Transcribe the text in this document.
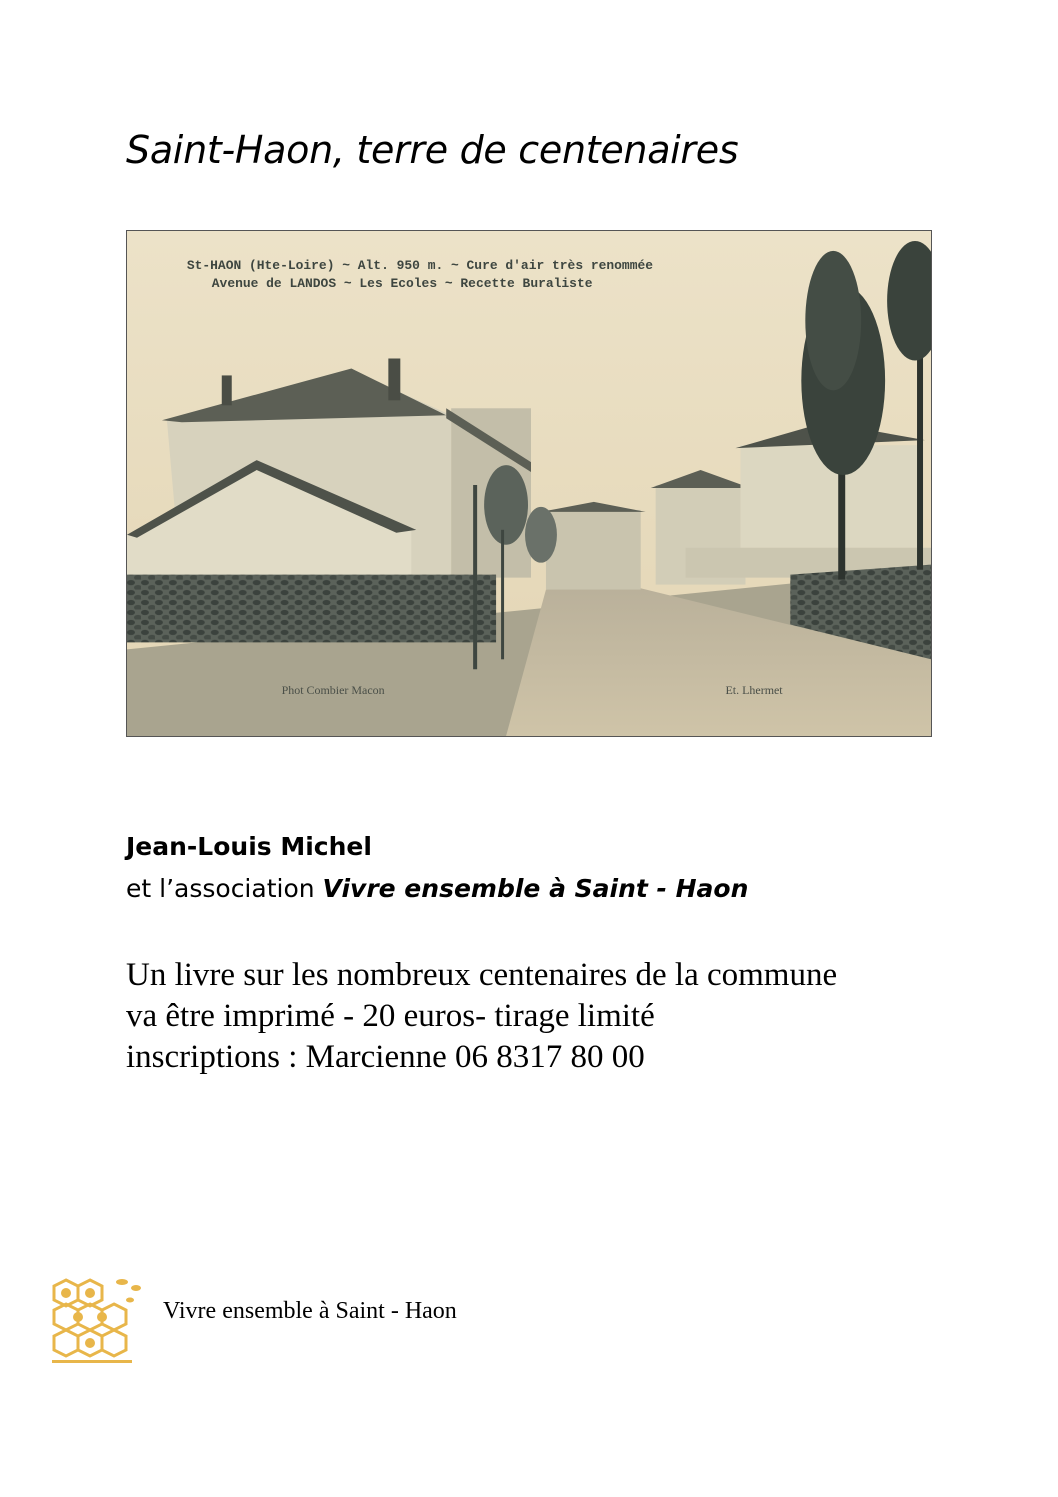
Saint-Haon, terre de centenaires
St-HAON (Hte-Loire) ~ Alt. 950 m. ~ Cure d'air très renommée
Avenue de LANDOS ~ Les Ecoles ~ Recette Buraliste
Phot Combier Macon	Et. Lhermet
Jean-Louis Michel
et l’association Vivre ensemble à Saint - Haon
Un livre sur les nombreux centenaires de la commune
va être imprimé - 20 euros- tirage limité
inscriptions : Marcienne 06 8317 80 00
Vivre ensemble à Saint - Haon
